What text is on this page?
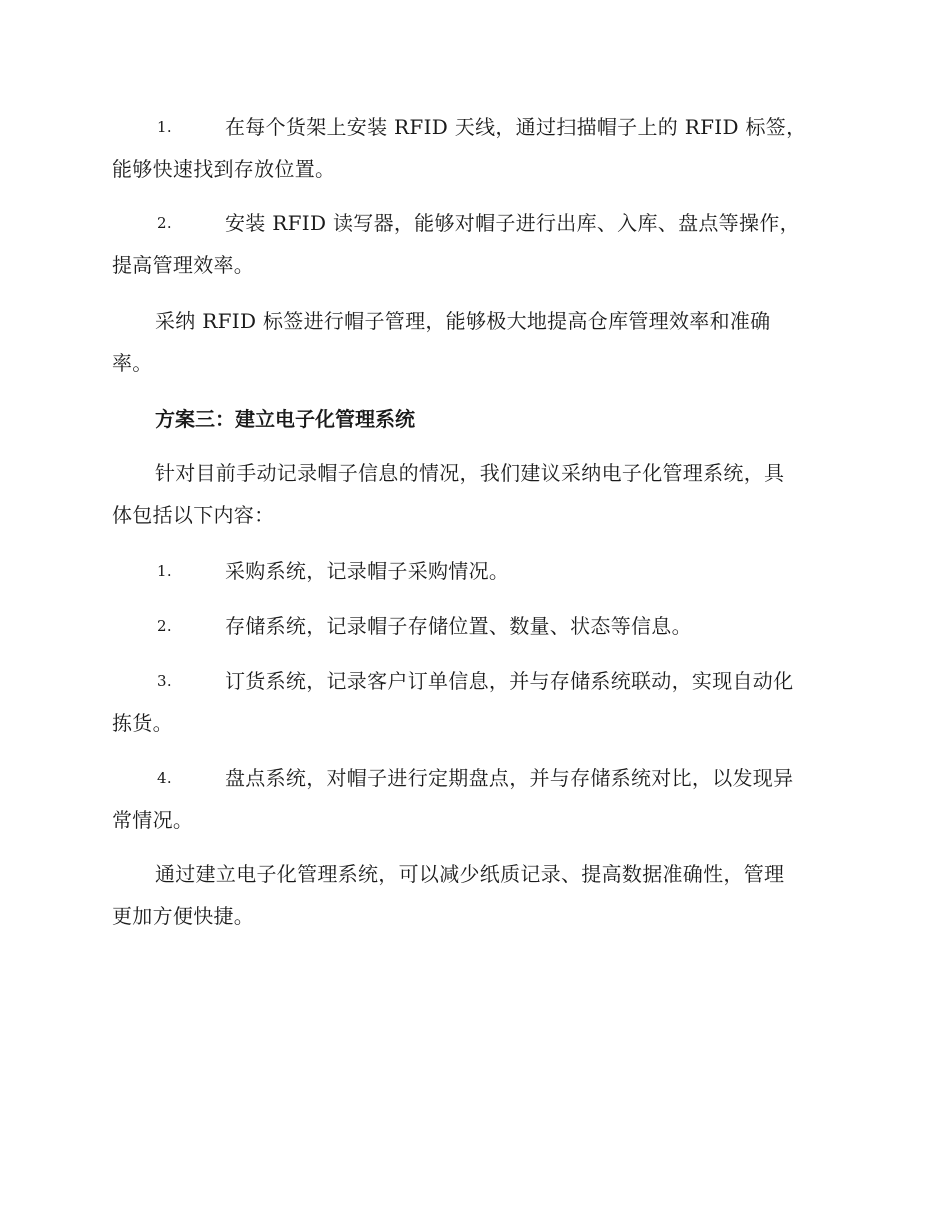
1.	在每个货架上安装 RFID 天线，通过扫描帽子上的 RFID 标签，
能够快速找到存放位置。
2.	安装 RFID 读写器，能够对帽子进行出库、入库、盘点等操作，
提高管理效率。
采纳 RFID 标签进行帽子管理，能够极大地提高仓库管理效率和准确
率。
方案三：建立电子化管理系统
针对目前手动记录帽子信息的情况，我们建议采纳电子化管理系统，具
体包括以下内容：
1.	采购系统，记录帽子采购情况。
2.	存储系统，记录帽子存储位置、数量、状态等信息。
3.	订货系统，记录客户订单信息，并与存储系统联动，实现自动化
拣货。
4.	盘点系统，对帽子进行定期盘点，并与存储系统对比，以发现异
常情况。
通过建立电子化管理系统，可以减少纸质记录、提高数据准确性，管理
更加方便快捷。
